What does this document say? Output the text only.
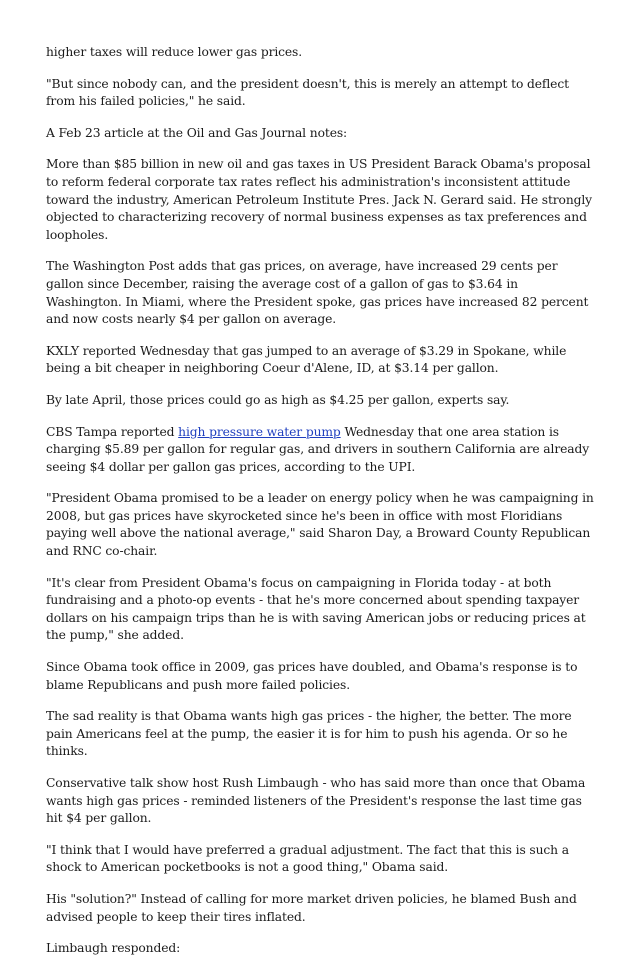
higher taxes will reduce lower gas prices.

"But since nobody can, and the president doesn't, this is merely an attempt to deflect from his failed policies," he said.

A Feb 23 article at the Oil and Gas Journal notes:

More than $85 billion in new oil and gas taxes in US President Barack Obama's proposal to reform federal corporate tax rates reflect his administration's inconsistent attitude toward the industry, American Petroleum Institute Pres. Jack N. Gerard said. He strongly objected to characterizing recovery of normal business expenses as tax preferences and loopholes.

The Washington Post adds that gas prices, on average, have increased 29 cents per gallon since December, raising the average cost of a gallon of gas to $3.64 in Washington. In Miami, where the President spoke, gas prices have increased 82 percent and now costs nearly $4 per gallon on average.

KXLY reported Wednesday that gas jumped to an average of $3.29 in Spokane, while being a bit cheaper in neighboring Coeur d'Alene, ID, at $3.14 per gallon.

By late April, those prices could go as high as $4.25 per gallon, experts say.

CBS Tampa reported high pressure water pump Wednesday that one area station is charging $5.89 per gallon for regular gas, and drivers in southern California are already seeing $4 dollar per gallon gas prices, according to the UPI.

"President Obama promised to be a leader on energy policy when he was campaigning in 2008, but gas prices have skyrocketed since he's been in office with most Floridians paying well above the national average," said Sharon Day, a Broward County Republican and RNC co-chair.

"It's clear from President Obama's focus on campaigning in Florida today - at both fundraising and a photo-op events - that he's more concerned about spending taxpayer dollars on his campaign trips than he is with saving American jobs or reducing prices at the pump," she added.

Since Obama took office in 2009, gas prices have doubled, and Obama's response is to blame Republicans and push more failed policies.

The sad reality is that Obama wants high gas prices - the higher, the better. The more pain Americans feel at the pump, the easier it is for him to push his agenda. Or so he thinks.

Conservative talk show host Rush Limbaugh - who has said more than once that Obama wants high gas prices - reminded listeners of the President's response the last time gas hit $4 per gallon.

"I think that I would have preferred a gradual adjustment. The fact that this is such a shock to American pocketbooks is not a good thing," Obama said.

His "solution?" Instead of calling for more market driven policies, he blamed Bush and advised people to keep their tires inflated.

Limbaugh responded:
